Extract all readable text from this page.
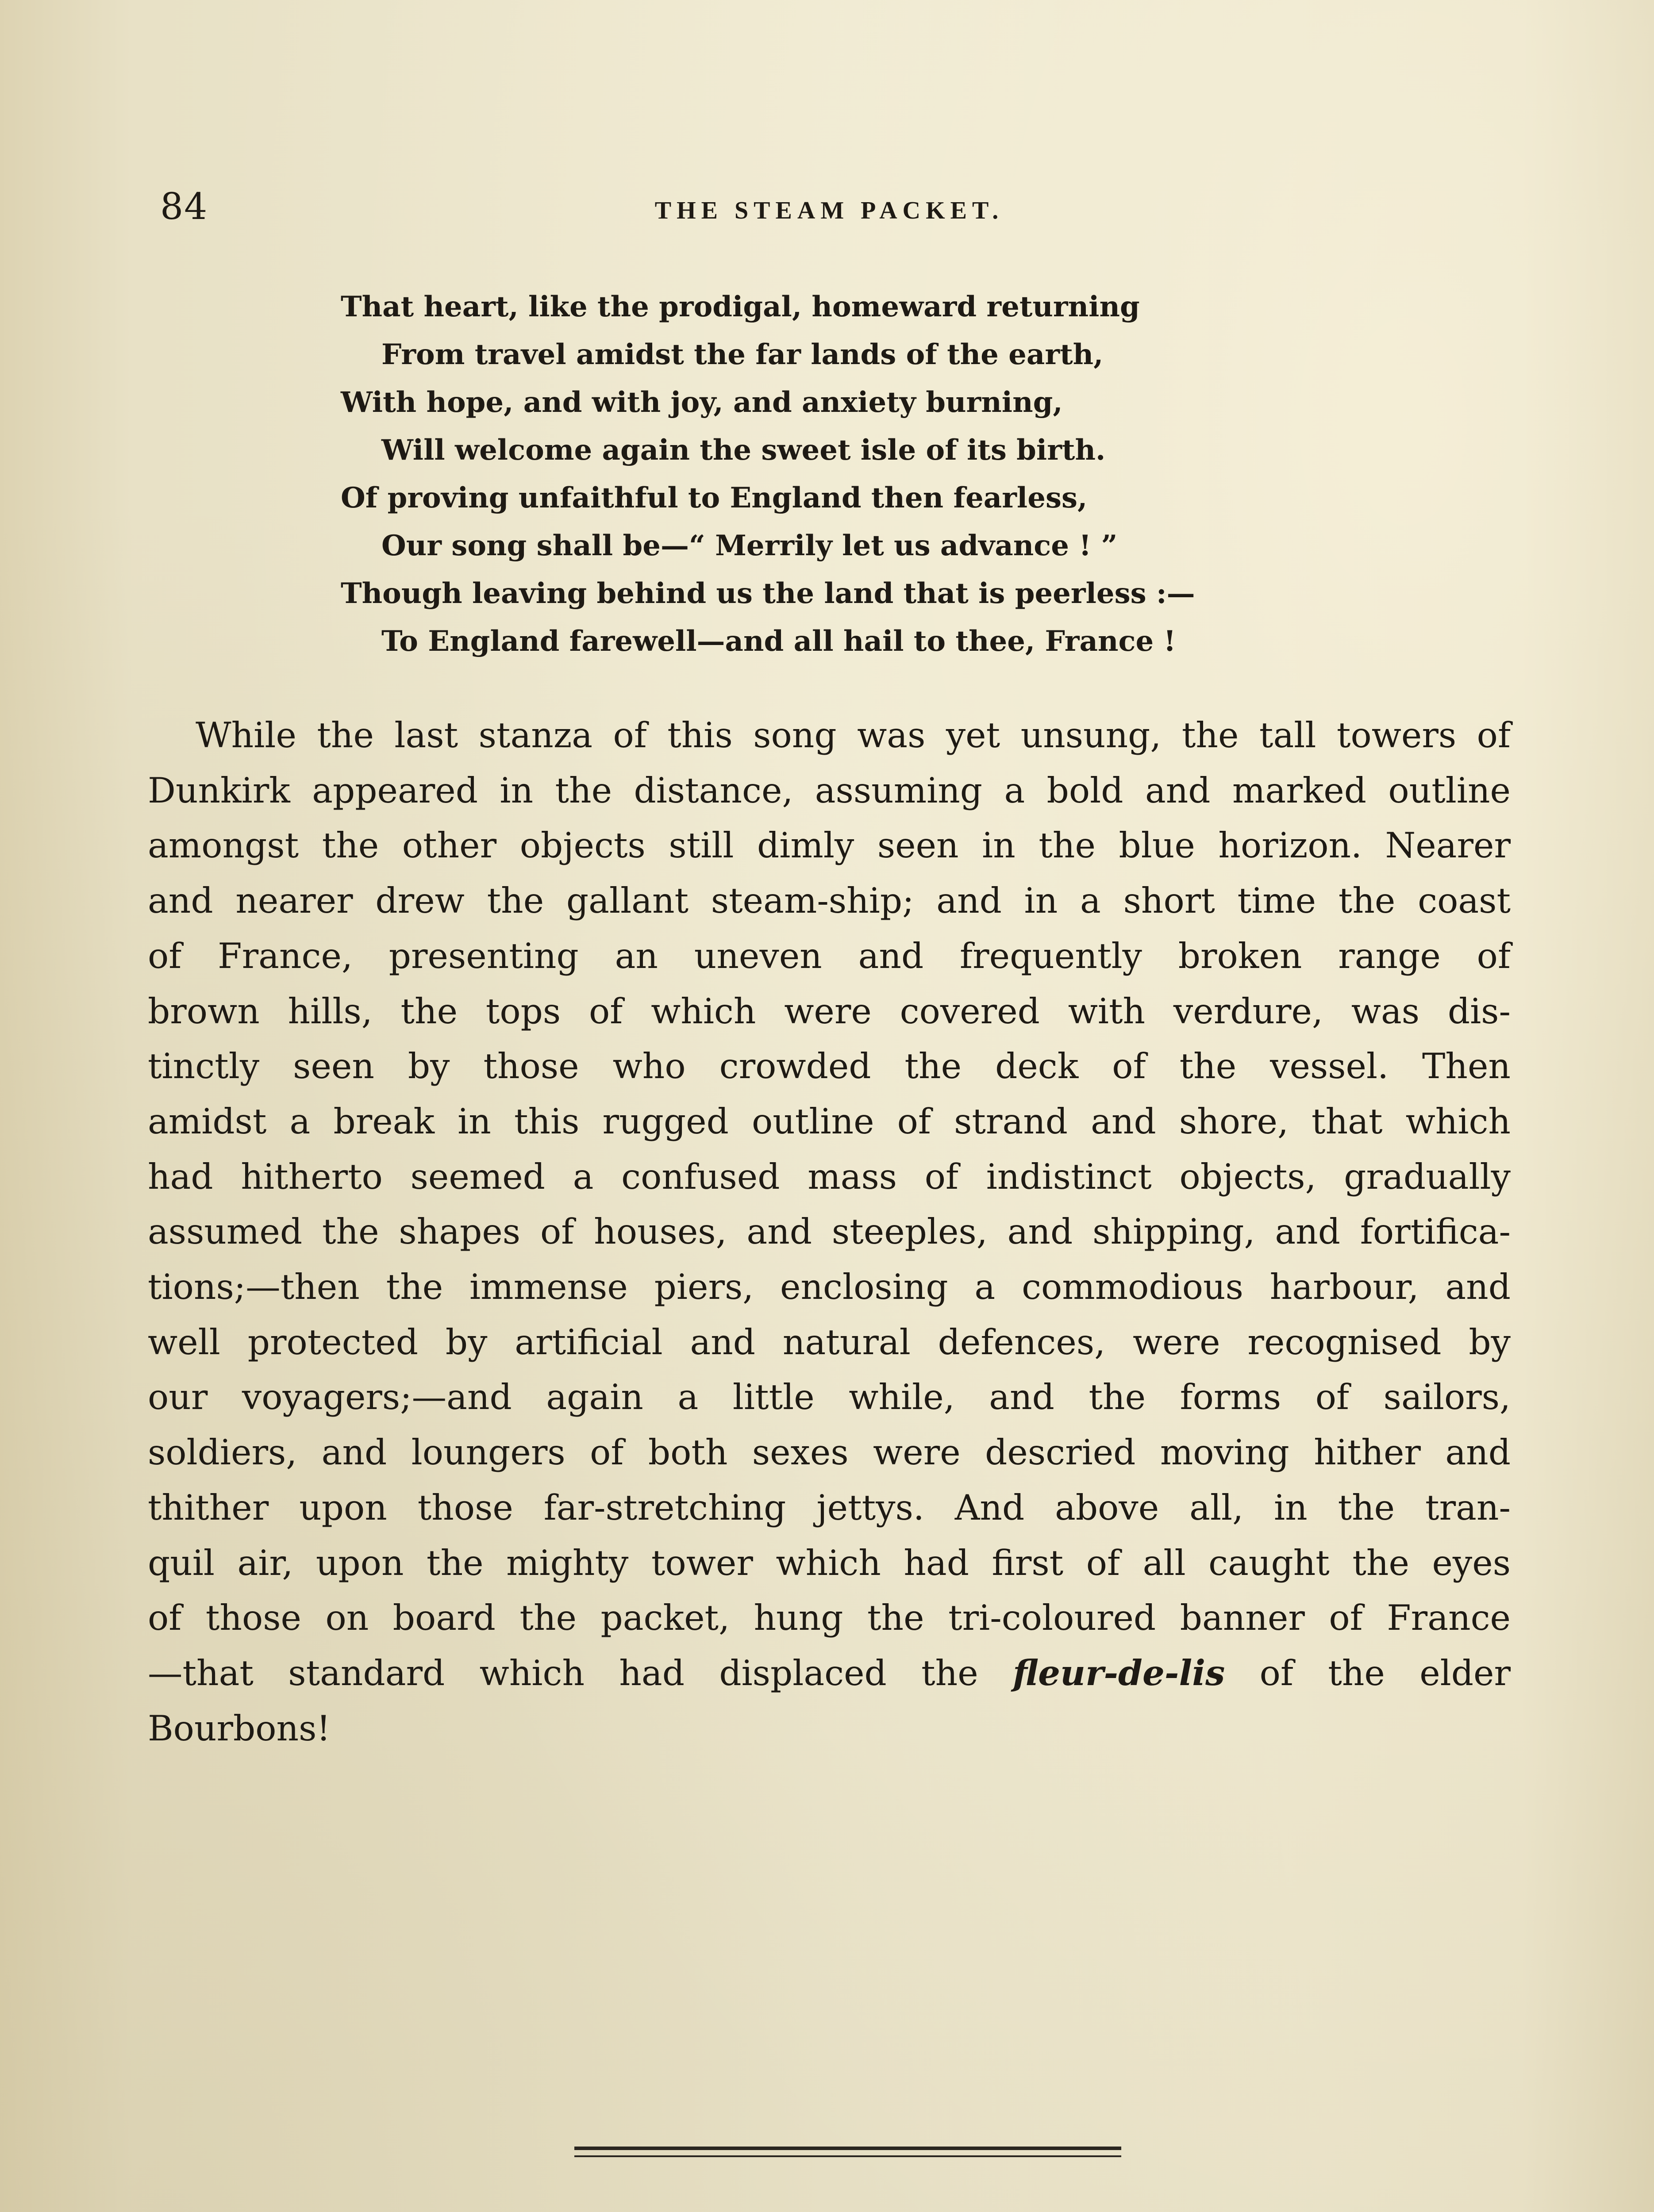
84	THE STEAM PACKET.
That heart, like the prodigal, homeward returning
From travel amidst the far lands of the earth,
With hope, and with joy, and anxiety burning,
Will welcome again the sweet isle of its birth.
Of proving unfaithful to England then fearless,
Our song shall be—“ Merrily let us advance ! ”
Though leaving behind us the land that is peerless :—
To England farewell—and all hail to thee, France !
While the last stanza of this song was yet unsung, the tall towers of
Dunkirk appeared in the distance, assuming a bold and marked outline
amongst the other objects still dimly seen in the blue horizon. Nearer
and nearer drew the gallant steam-ship; and in a short time the coast
of France, presenting an uneven and frequently broken range of
brown hills, the tops of which were covered with verdure, was dis-
tinctly seen by those who crowded the deck of the vessel. Then
amidst a break in this rugged outline of strand and shore, that which
had hitherto seemed a confused mass of indistinct objects, gradually
assumed the shapes of houses, and steeples, and shipping, and fortifica-
tions;—then the immense piers, enclosing a commodious harbour, and
well protected by artificial and natural defences, were recognised by
our voyagers;—and again a little while, and the forms of sailors,
soldiers, and loungers of both sexes were descried moving hither and
thither upon those far-stretching jettys. And above all, in the tran-
quil air, upon the mighty tower which had first of all caught the eyes
of those on board the packet, hung the tri-coloured banner of France
—that standard which had displaced the fleur-de-lis of the elder
Bourbons!
